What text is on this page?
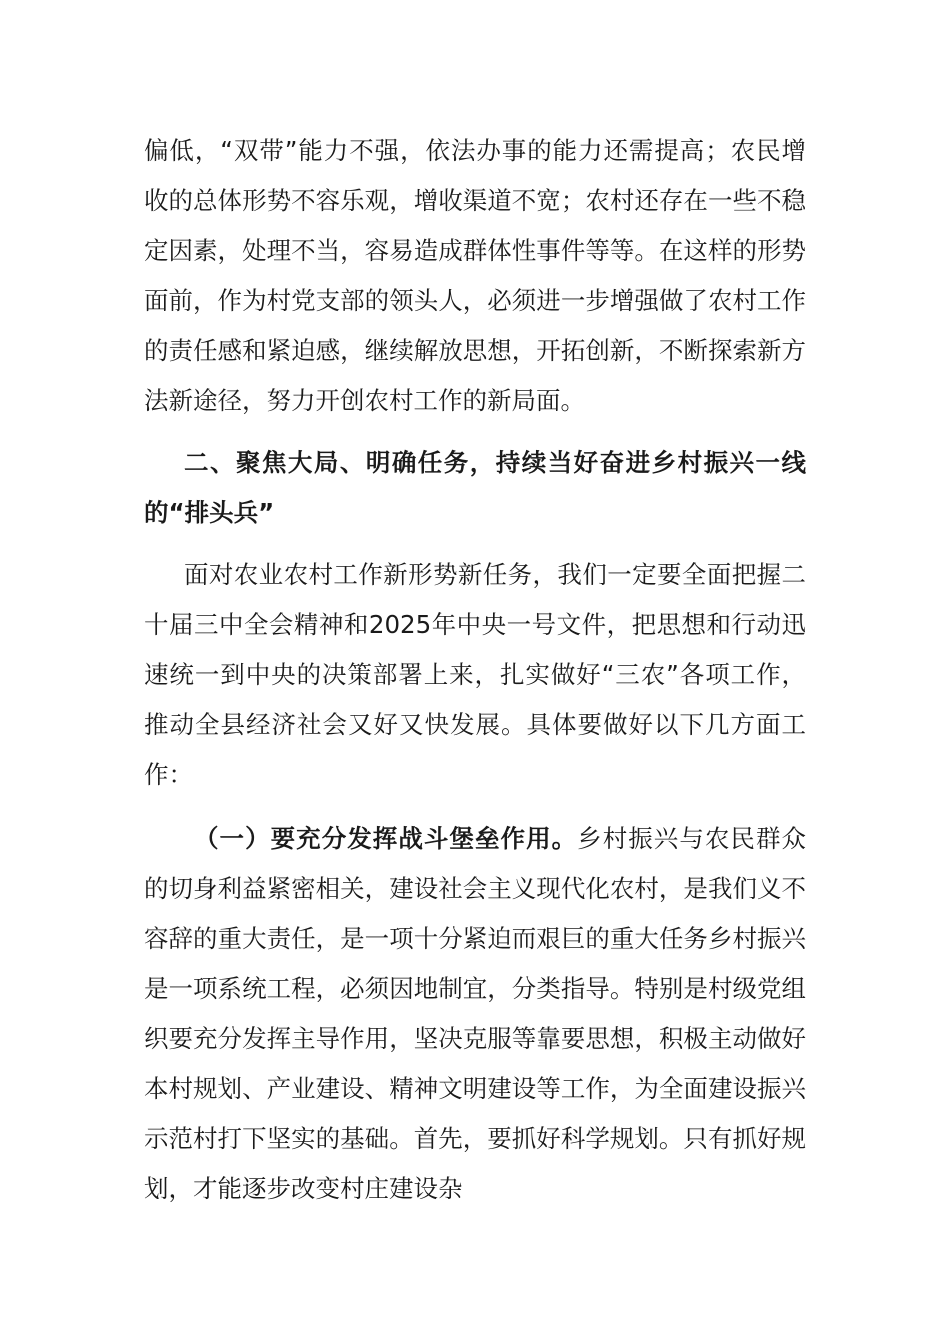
偏低，“双带”能力不强，依法办事的能力还需提高；农民增收的总体形势不容乐观，增收渠道不宽；农村还存在一些不稳定因素，处理不当，容易造成群体性事件等等。在这样的形势面前，作为村党支部的领头人，必须进一步增强做了农村工作的责任感和紧迫感，继续解放思想，开拓创新，不断探索新方法新途径，努力开创农村工作的新局面。

二、聚焦大局、明确任务，持续当好奋进乡村振兴一线的“排头兵”

面对农业农村工作新形势新任务，我们一定要全面把握二十届三中全会精神和2025年中央一号文件，把思想和行动迅速统一到中央的决策部署上来，扎实做好“三农”各项工作，推动全县经济社会又好又快发展。具体要做好以下几方面工作：

（一）要充分发挥战斗堡垒作用。乡村振兴与农民群众的切身利益紧密相关，建设社会主义现代化农村，是我们义不容辞的重大责任，是一项十分紧迫而艰巨的重大任务乡村振兴是一项系统工程，必须因地制宜，分类指导。特别是村级党组织要充分发挥主导作用，坚决克服等靠要思想，积极主动做好本村规划、产业建设、精神文明建设等工作，为全面建设振兴示范村打下坚实的基础。首先，要抓好科学规划。只有抓好规划，才能逐步改变村庄建设杂
